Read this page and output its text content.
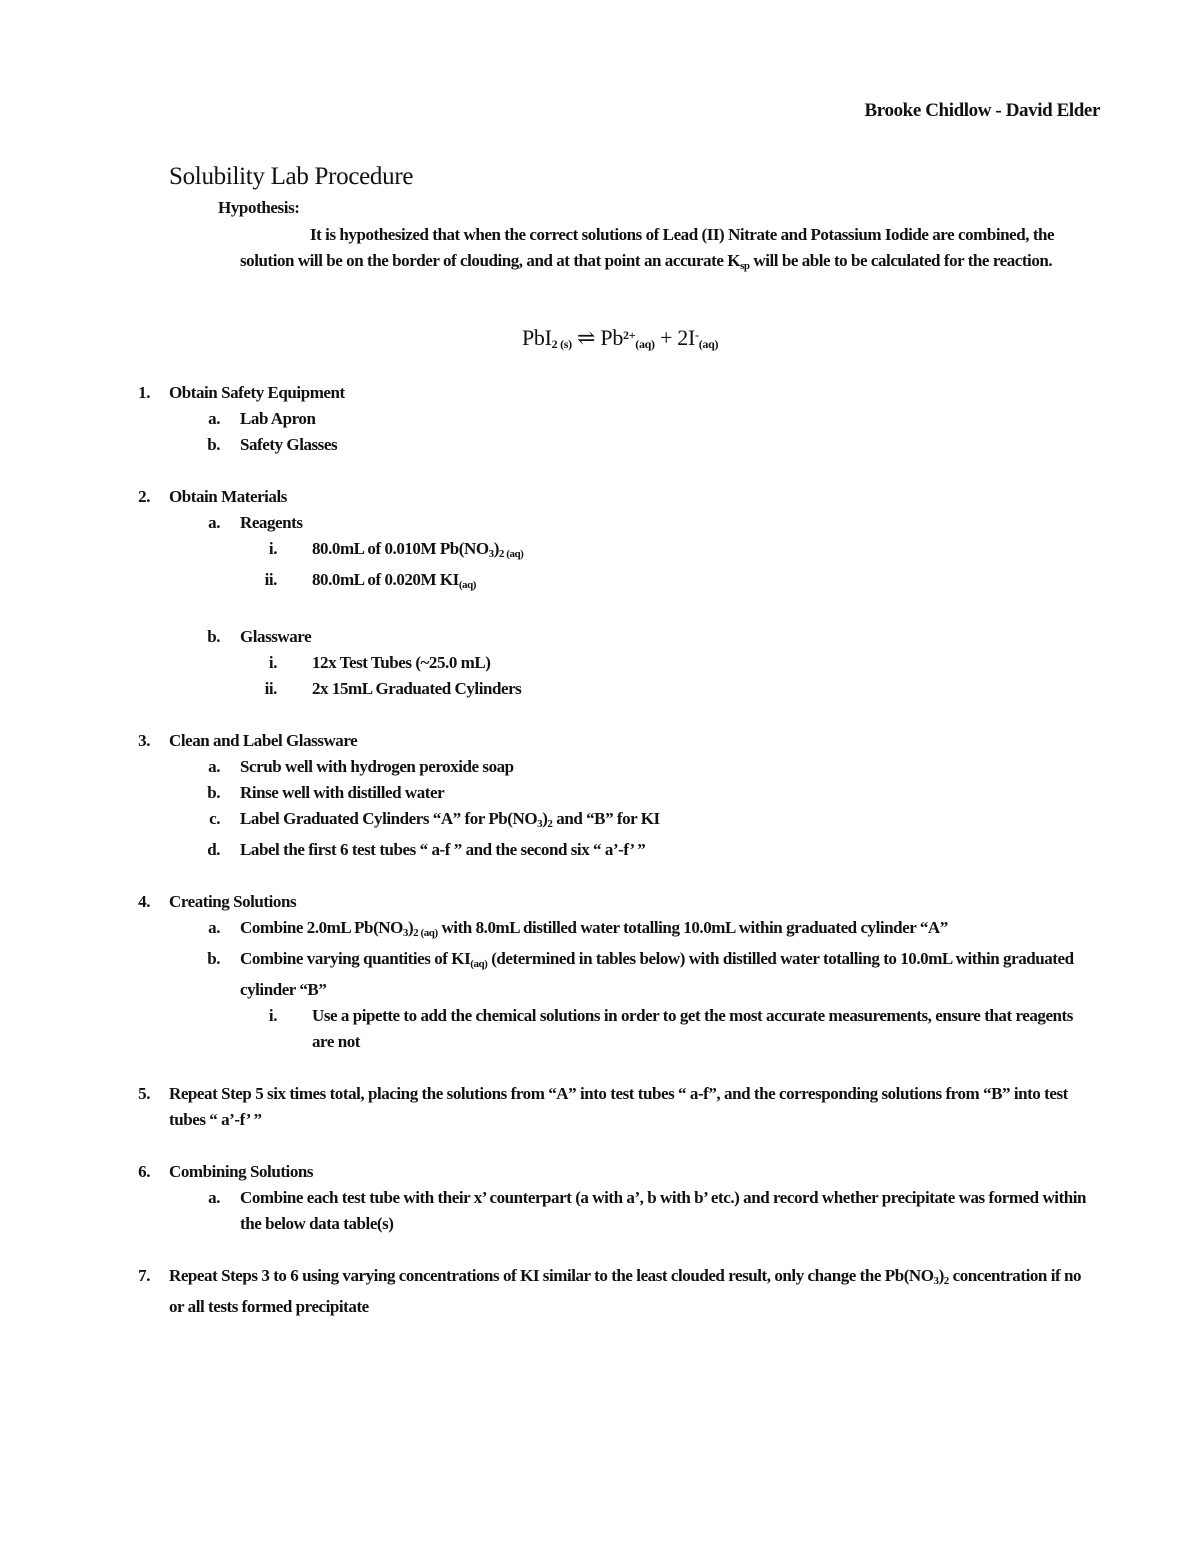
Brooke Chidlow - David Elder
Solubility Lab Procedure
Hypothesis:
It is hypothesized that when the correct solutions of Lead (II) Nitrate and Potassium Iodide are combined, the solution will be on the border of clouding, and at that point an accurate $K_{sp}$ will be able to be calculated for the reaction.
PbI$_{2 (s)}$ ⇌ $Pb^{2+}_{(aq)} + 2I^-_{(aq)}$
1. Obtain Safety Equipment
a. Lab Apron
b. Safety Glasses
2. Obtain Materials
a. Reagents
i. 80.0mL of 0.010M $Pb(NO_3)_{2 (aq)}$
ii. 80.0mL of 0.020M $KI_{(aq)}$
b. Glassware
i. 12x Test Tubes (~25.0 mL)
ii. 2x 15mL Graduated Cylinders
3. Clean and Label Glassware
a. Scrub well with hydrogen peroxide soap
b. Rinse well with distilled water
c. Label Graduated Cylinders “A” for $Pb(NO_3)_2$ and “B” for KI
d. Label the first 6 test tubes “ a-f ” and the second six “ a’-f’ ”
4. Creating Solutions
a. Combine 2.0mL $Pb(NO_3)_{2 (aq)}$ with 8.0mL distilled water totalling 10.0mL within graduated cylinder “A”
b. Combine varying quantities of $KI_{(aq)}$ (determined in tables below) with distilled water totalling to 10.0mL within graduated cylinder “B”
i. Use a pipette to add the chemical solutions in order to get the most accurate measurements, ensure that reagents are not
5. Repeat Step 5 six times total, placing the solutions from “A” into test tubes “ a-f”, and the corresponding solutions from “B” into test tubes “ a’-f’ ”
6. Combining Solutions
a. Combine each test tube with their x’ counterpart (a with a’, b with b’ etc.) and record whether precipitate was formed within the below data table(s)
7. Repeat Steps 3 to 6 using varying concentrations of KI similar to the least clouded result, only change the $Pb(NO_3)_2$ concentration if no or all tests formed precipitate
